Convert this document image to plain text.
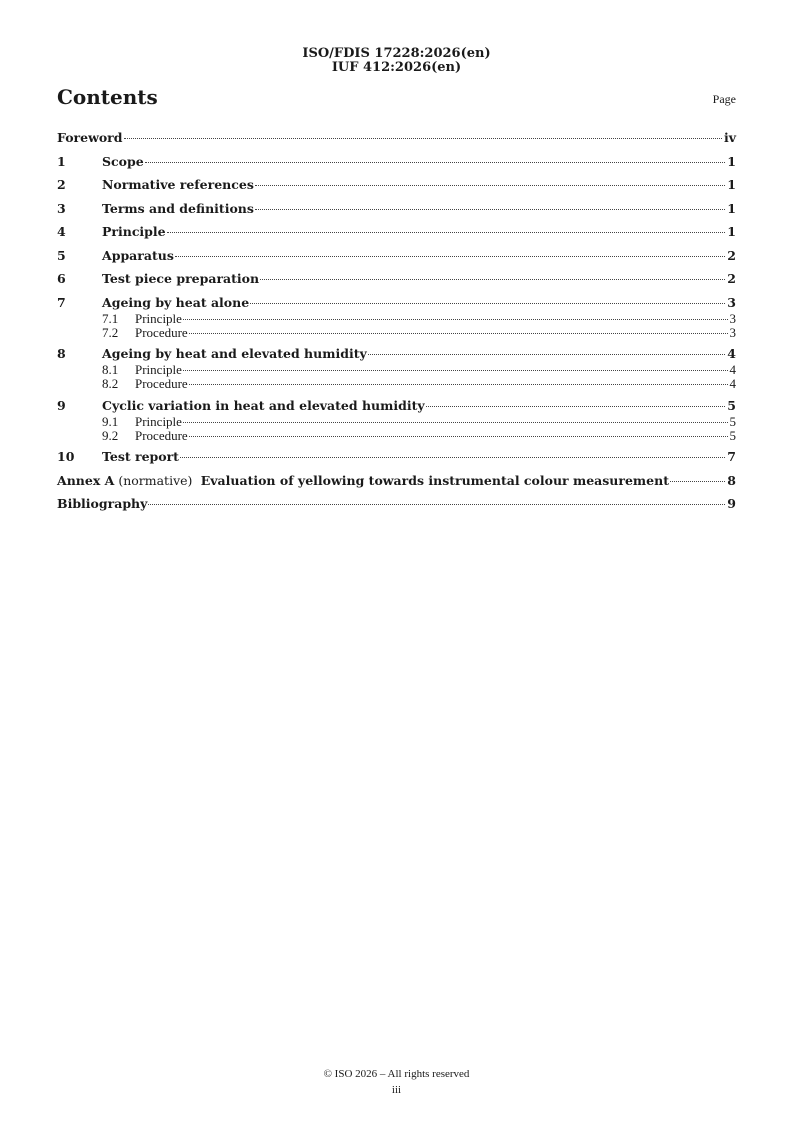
ISO/FDIS 17228:2026(en)
IUF 412:2026(en)
Contents	Page
Foreword	iv
1	Scope	1
2	Normative references	1
3	Terms and definitions	1
4	Principle	1
5	Apparatus	2
6	Test piece preparation	2
7	Ageing by heat alone	3
7.1	Principle	3
7.2	Procedure	3
8	Ageing by heat and elevated humidity	4
8.1	Principle	4
8.2	Procedure	4
9	Cyclic variation in heat and elevated humidity	5
9.1	Principle	5
9.2	Procedure	5
10	Test report	7
Annex A (normative) Evaluation of yellowing towards instrumental colour measurement	8
Bibliography	9
© ISO 2026 – All rights reserved
iii
